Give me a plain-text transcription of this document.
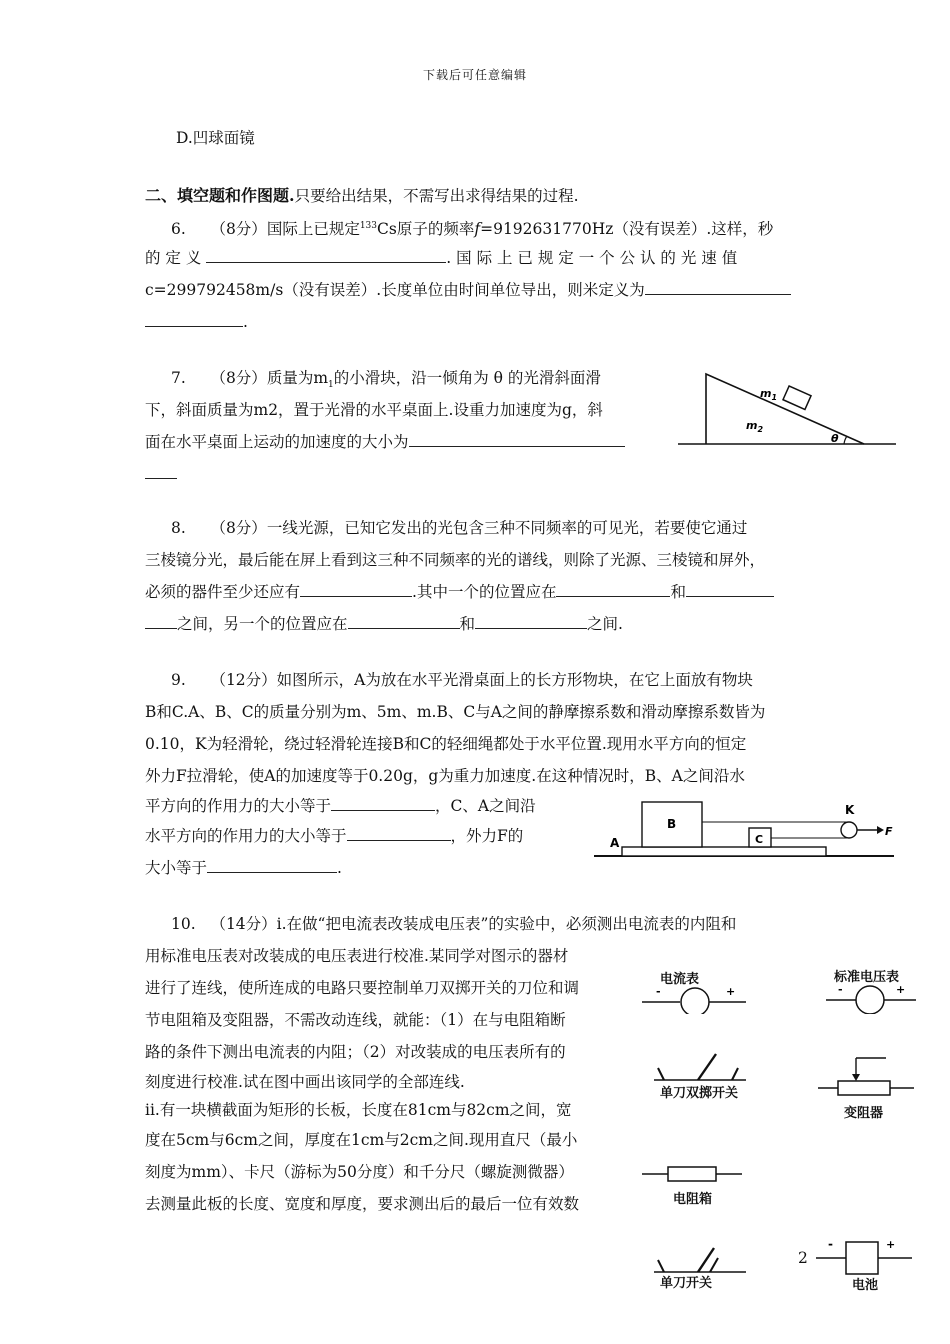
下载后可任意编辑
D.凹球面镜
二、填空题和作图题.只要给出结果，不需写出求得结果的过程.
6. （8分）国际上已规定$^{133}$Cs原子的频率f=9192631770Hz（没有误差）.这样，秒
的 定 义	. 国 际 上 已 规 定 一 个 公 认 的 光 速 值
c=299792458m/s（没有误差）.长度单位由时间单位导出，则米定义为
.
7. （8分）质量为$m_1$的小滑块，沿一倾角为 θ 的光滑斜面滑
下，斜面质量为m2，置于光滑的水平桌面上.设重力加速度为g，斜
面在水平桌面上运动的加速度的大小为
$m_1$
$m_2$
θ
8. （8分）一线光源，已知它发出的光包含三种不同频率的可见光，若要使它通过
三棱镜分光，最后能在屏上看到这三种不同频率的光的谱线，则除了光源、三棱镜和屏外，
必须的器件至少还应有	.其中一个的位置应在	和
之间，另一个的位置应在	和	之间.
9. （12分）如图所示，A为放在水平光滑桌面上的长方形物块，在它上面放有物块
B和C.A、B、C的质量分别为m、5m、m.B、C与A之间的静摩擦系数和滑动摩擦系数皆为
0.10，K为轻滑轮，绕过轻滑轮连接B和C的轻细绳都处于水平位置.现用水平方向的恒定
外力F拉滑轮，使A的加速度等于0.20g，g为重力加速度.在这种情况时，B、A之间沿水
平方向的作用力的大小等于	，C、A之间沿
水平方向的作用力的大小等于	，外力F的
大小等于	.
A
B
C
K
F
10. （14分）i.在做“把电流表改装成电压表”的实验中，必须测出电流表的内阻和
用标准电压表对改装成的电压表进行校准.某同学对图示的器材
进行了连线，使所连成的电路只要控制单刀双掷开关的刀位和调
节电阻箱及变阻器，不需改动连线，就能：（1）在与电阻箱断
路的条件下测出电流表的内阻；（2）对改装成的电压表所有的
刻度进行校准.试在图中画出该同学的全部连线.
ii.有一块横截面为矩形的长板，长度在81cm与82cm之间，宽
度在5cm与6cm之间，厚度在1cm与2cm之间.现用直尺（最小
刻度为mm）、卡尺（游标为50分度）和千分尺（螺旋测微器）
去测量此板的长度、宽度和厚度，要求测出后的最后一位有效数
电流表
-	+
标准电压表
-	+
单刀双掷开关
变阻器
电阻箱
单刀开关
-	+
电池
2
